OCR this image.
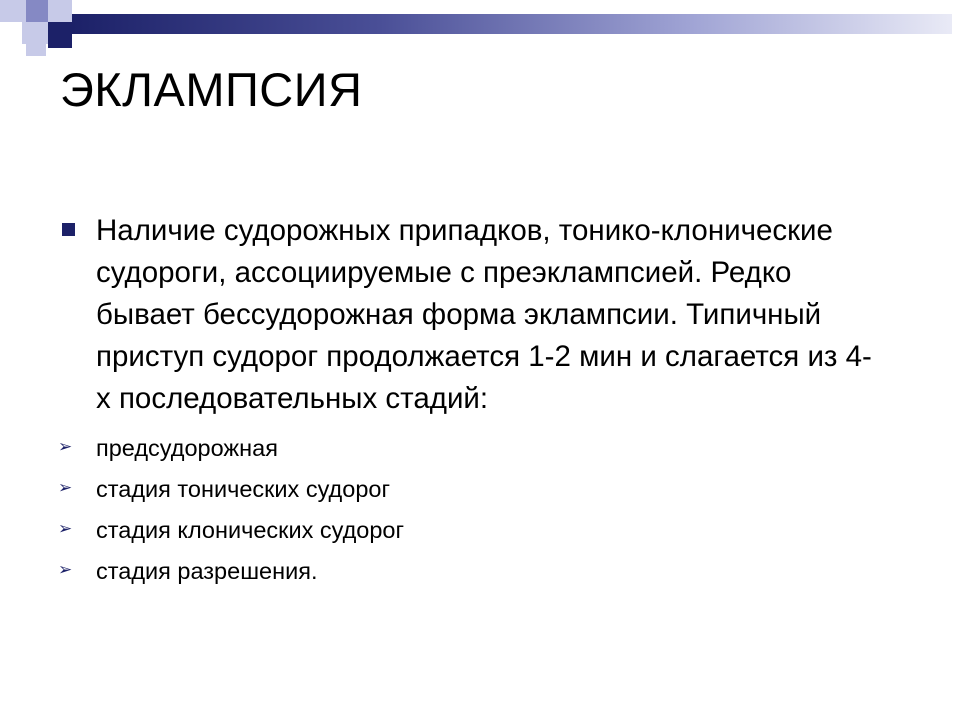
ЭКЛАМПСИЯ
Наличие судорожных припадков, тонико-клонические судороги, ассоциируемые с преэклампсией. Редко бывает бессудорожная форма эклампсии. Типичный приступ судорог продолжается 1-2 мин и слагается из 4-х последовательных стадий:
➢ предсудорожная
➢ стадия тонических судорог
➢ стадия клонических судорог
➢ стадия разрешения.
